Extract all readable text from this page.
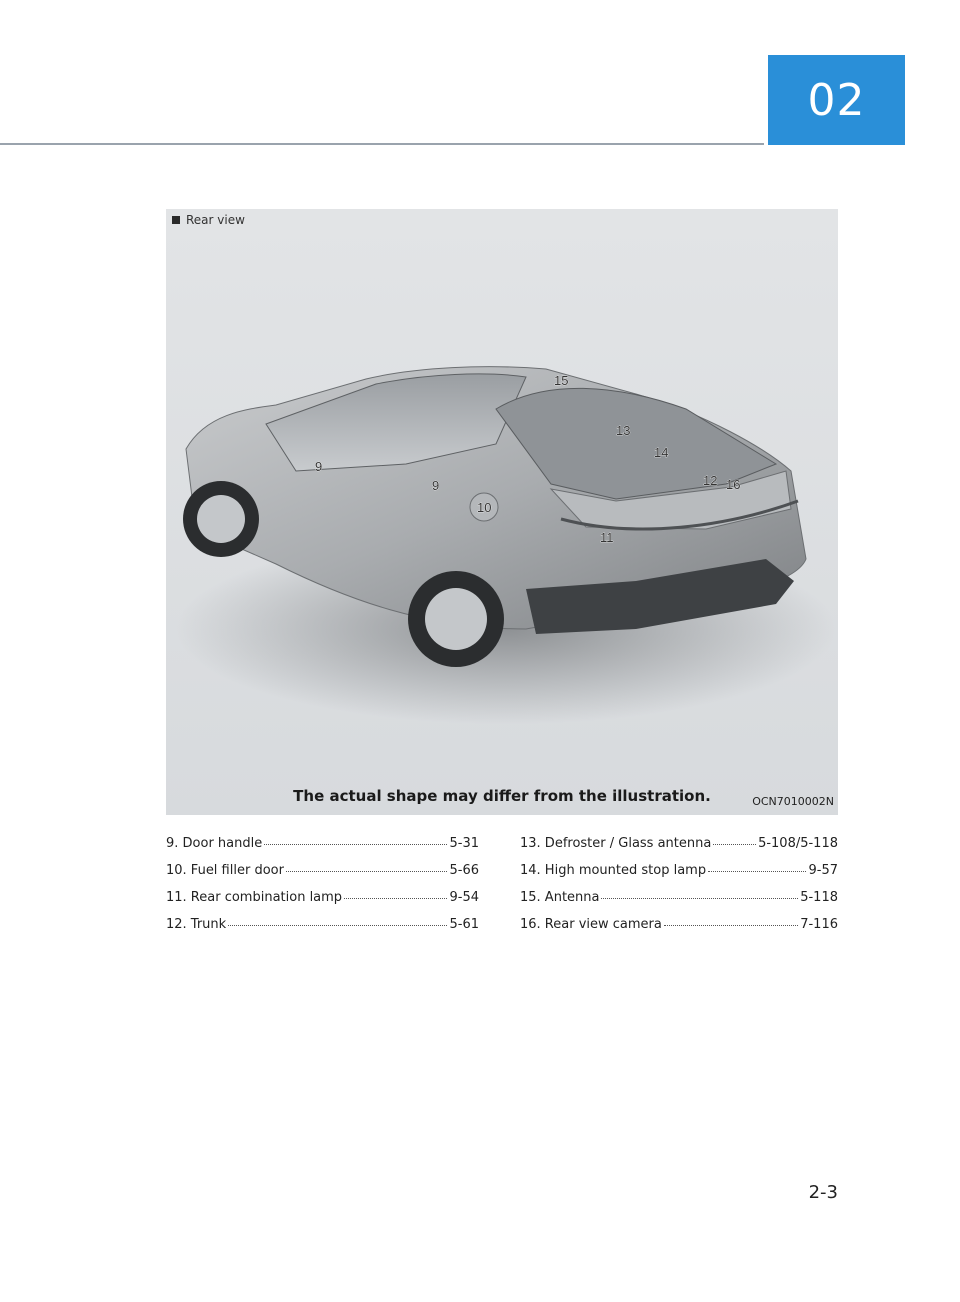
02
9
9
10
11
12
13
14
15
16
Rear view
The actual shape may differ from the illustration.	OCN7010002N
9. Door handle	5-31
10. Fuel filler door	5-66
11. Rear combination lamp	9-54
12. Trunk	5-61
13. Defroster / Glass antenna	5-108/5-118
14. High mounted stop lamp	9-57
15. Antenna	5-118
16. Rear view camera	7-116
2-3
